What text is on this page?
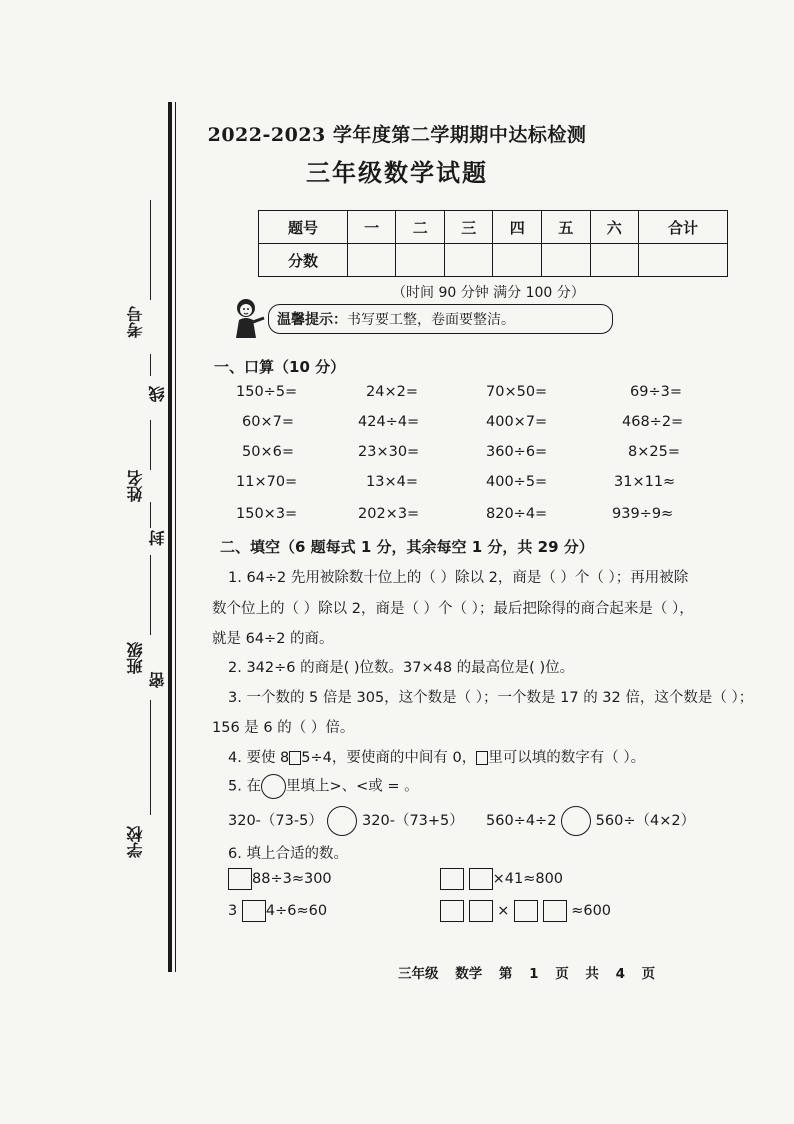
考号
线
姓名
封
班级
密
学校
2022-2023 学年度第二学期期中达标检测
三年级数学试题
题号	一	二	三	四	五	六	合计
分数							
（时间 90 分钟 满分 100 分）
温馨提示：书写要工整，卷面要整洁。
一、口算（10 分）
150÷5=	24×2=	70×50=	69÷3=
60×7=	424÷4=	400×7=	468÷2=
50×6=	23×30=	360÷6=	8×25=
11×70=	13×4=	400÷5=	31×11≈
150×3=	202×3=	820÷4=	939÷9≈
二、填空（6 题每式 1 分，其余每空 1 分，共 29 分）
1. 64÷2 先用被除数十位上的（ ）除以 2，商是（ ）个（ ）；再用被除
数个位上的（ ）除以 2，商是（ ）个（ ）；最后把除得的商合起来是（ ），
就是 64÷2 的商。
2. 342÷6 的商是( )位数。37×48 的最高位是( )位。
3. 一个数的 5 倍是 305，这个数是（ ）；一个数是 17 的 32 倍，这个数是（ ）；
156 是 6 的（ ）倍。
4. 要使 8 5÷4，要使商的中间有 0， 里可以填的数字有（ ）。
5. 在 里填上>、<或 = 。
320-（73-5）	320-（73+5） 560÷4÷2	560÷（4×2）
6. 填上合适的数。
88÷3≈300	×41≈800
3 4÷6≈60	×	≈600
三年级 数学 第 1 页 共 4 页
